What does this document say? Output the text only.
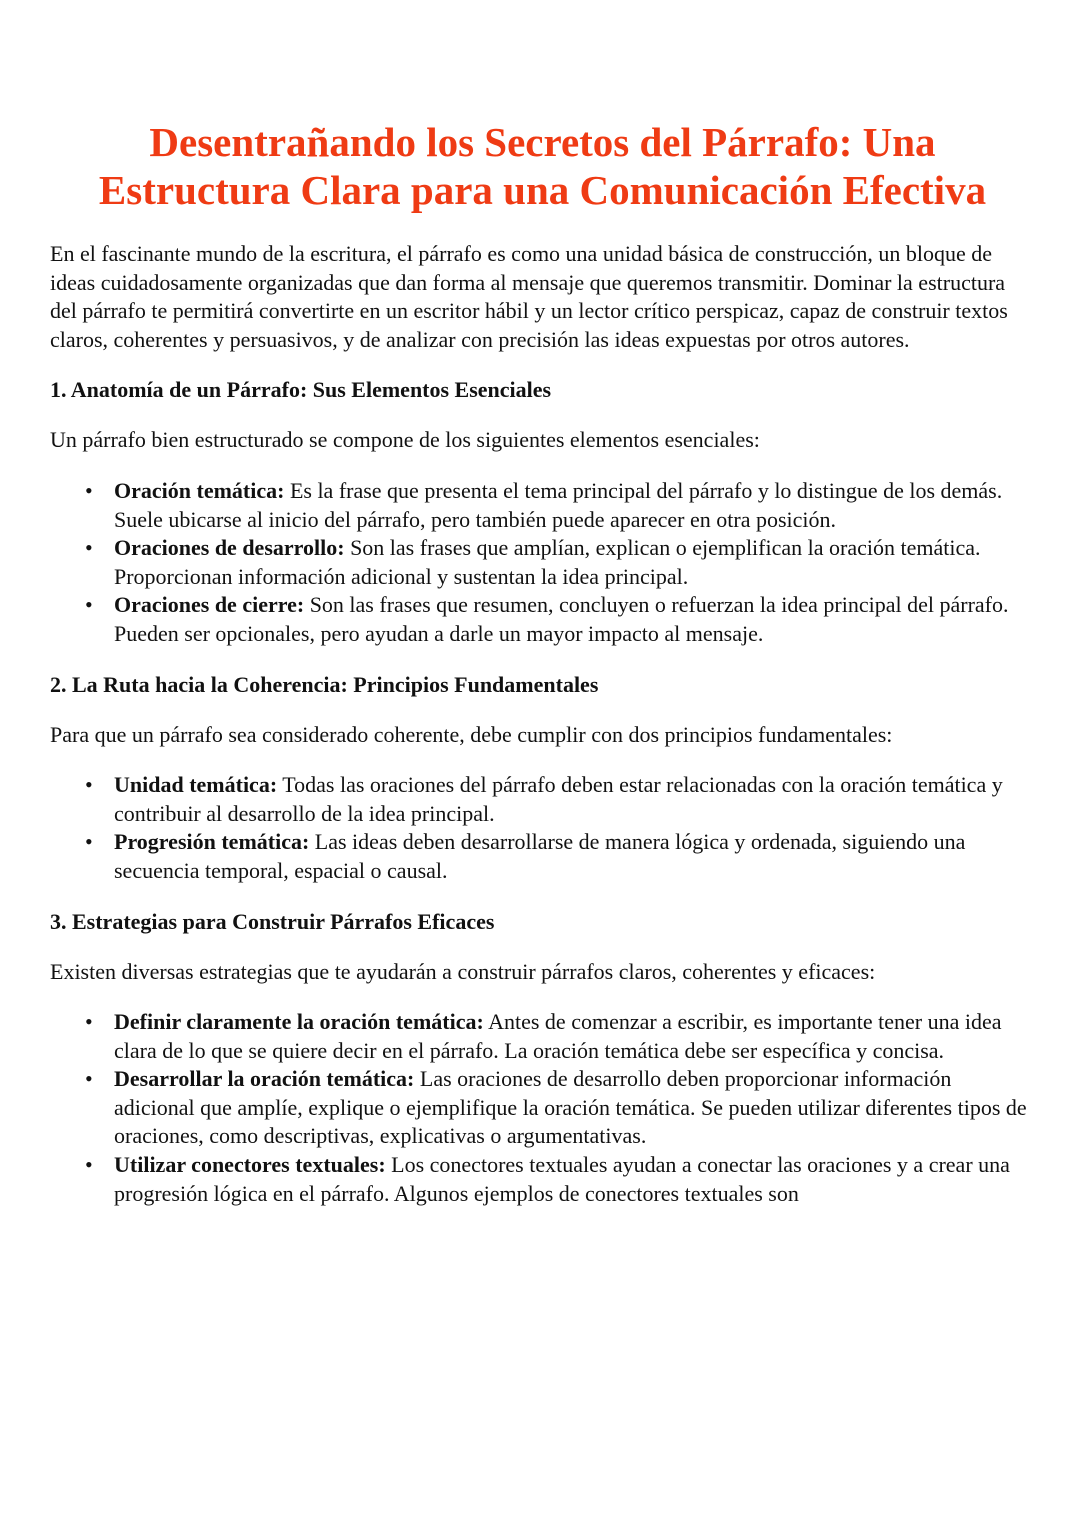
Desentrañando los Secretos del Párrafo: Una Estructura Clara para una Comunicación Efectiva

En el fascinante mundo de la escritura, el párrafo es como una unidad básica de construcción, un bloque de ideas cuidadosamente organizadas que dan forma al mensaje que queremos transmitir. Dominar la estructura del párrafo te permitirá convertirte en un escritor hábil y un lector crítico perspicaz, capaz de construir textos claros, coherentes y persuasivos, y de analizar con precisión las ideas expuestas por otros autores.

1. Anatomía de un Párrafo: Sus Elementos Esenciales

Un párrafo bien estructurado se compone de los siguientes elementos esenciales:

• Oración temática: Es la frase que presenta el tema principal del párrafo y lo distingue de los demás. Suele ubicarse al inicio del párrafo, pero también puede aparecer en otra posición.
• Oraciones de desarrollo: Son las frases que amplían, explican o ejemplifican la oración temática. Proporcionan información adicional y sustentan la idea principal.
• Oraciones de cierre: Son las frases que resumen, concluyen o refuerzan la idea principal del párrafo. Pueden ser opcionales, pero ayudan a darle un mayor impacto al mensaje.
2. La Ruta hacia la Coherencia: Principios Fundamentales

Para que un párrafo sea considerado coherente, debe cumplir con dos principios fundamentales:

• Unidad temática: Todas las oraciones del párrafo deben estar relacionadas con la oración temática y contribuir al desarrollo de la idea principal.
• Progresión temática: Las ideas deben desarrollarse de manera lógica y ordenada, siguiendo una secuencia temporal, espacial o causal.
3. Estrategias para Construir Párrafos Eficaces

Existen diversas estrategias que te ayudarán a construir párrafos claros, coherentes y eficaces:

• Definir claramente la oración temática: Antes de comenzar a escribir, es importante tener una idea clara de lo que se quiere decir en el párrafo. La oración temática debe ser específica y concisa.
• Desarrollar la oración temática: Las oraciones de desarrollo deben proporcionar información adicional que amplíe, explique o ejemplifique la oración temática. Se pueden utilizar diferentes tipos de oraciones, como descriptivas, explicativas o argumentativas.
• Utilizar conectores textuales: Los conectores textuales ayudan a conectar las oraciones y a crear una progresión lógica en el párrafo. Algunos ejemplos de conectores textuales son
